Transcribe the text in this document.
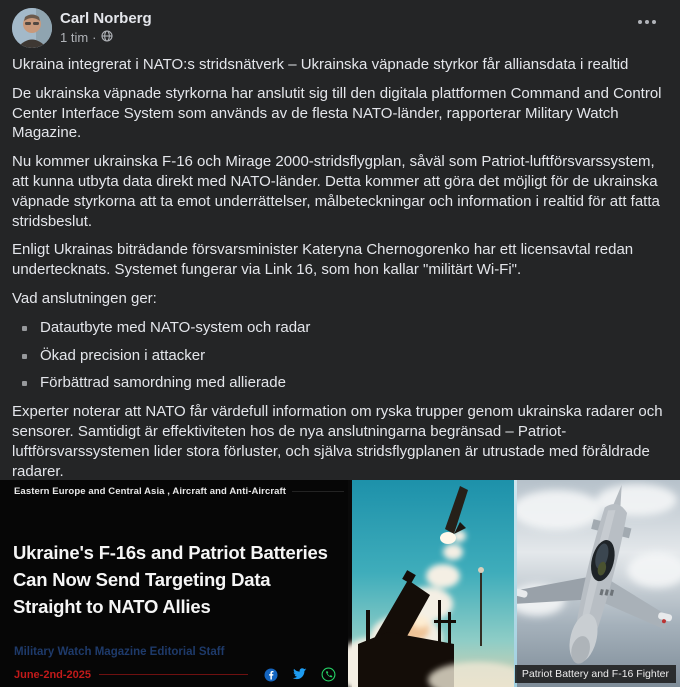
Carl Norberg
1 tim ·

Ukraina integrerat i NATO:s stridsnätverk – Ukrainska väpnade styrkor får alliansdata i realtid

De ukrainska väpnade styrkorna har anslutit sig till den digitala plattformen Command and Control Center Interface System som används av de flesta NATO-länder, rapporterar Military Watch Magazine.

Nu kommer ukrainska F-16 och Mirage 2000-stridsflygplan, såväl som Patriot-luftförsvarssystem, att kunna utbyta data direkt med NATO-länder. Detta kommer att göra det möjligt för de ukrainska väpnade styrkorna att ta emot underrättelser, målbeteckningar och information i realtid för att fatta stridsbeslut.

Enligt Ukrainas biträdande försvarsminister Kateryna Chernogorenko har ett licensavtal redan undertecknats. Systemet fungerar via Link 16, som hon kallar "militärt Wi-Fi".

Vad anslutningen ger:

Datautbyte med NATO-system och radar
Ökad precision i attacker
Förbättrad samordning med allierade

Experter noterar att NATO får värdefull information om ryska trupper genom ukrainska radarer och sensorer. Samtidigt är effektiviteten hos de nya anslutningarna begränsad – Patriot-luftförsvarssystemen lider stora förluster, och själva stridsflygplanen är utrustade med föråldrade radarer.

Eastern Europe and Central Asia , Aircraft and Anti-Aircraft
Ukraine's F-16s and Patriot Batteries Can Now Send Targeting Data Straight to NATO Allies
Military Watch Magazine Editorial Staff
June-2nd-2025	Patriot Battery and F-16 Fighter
